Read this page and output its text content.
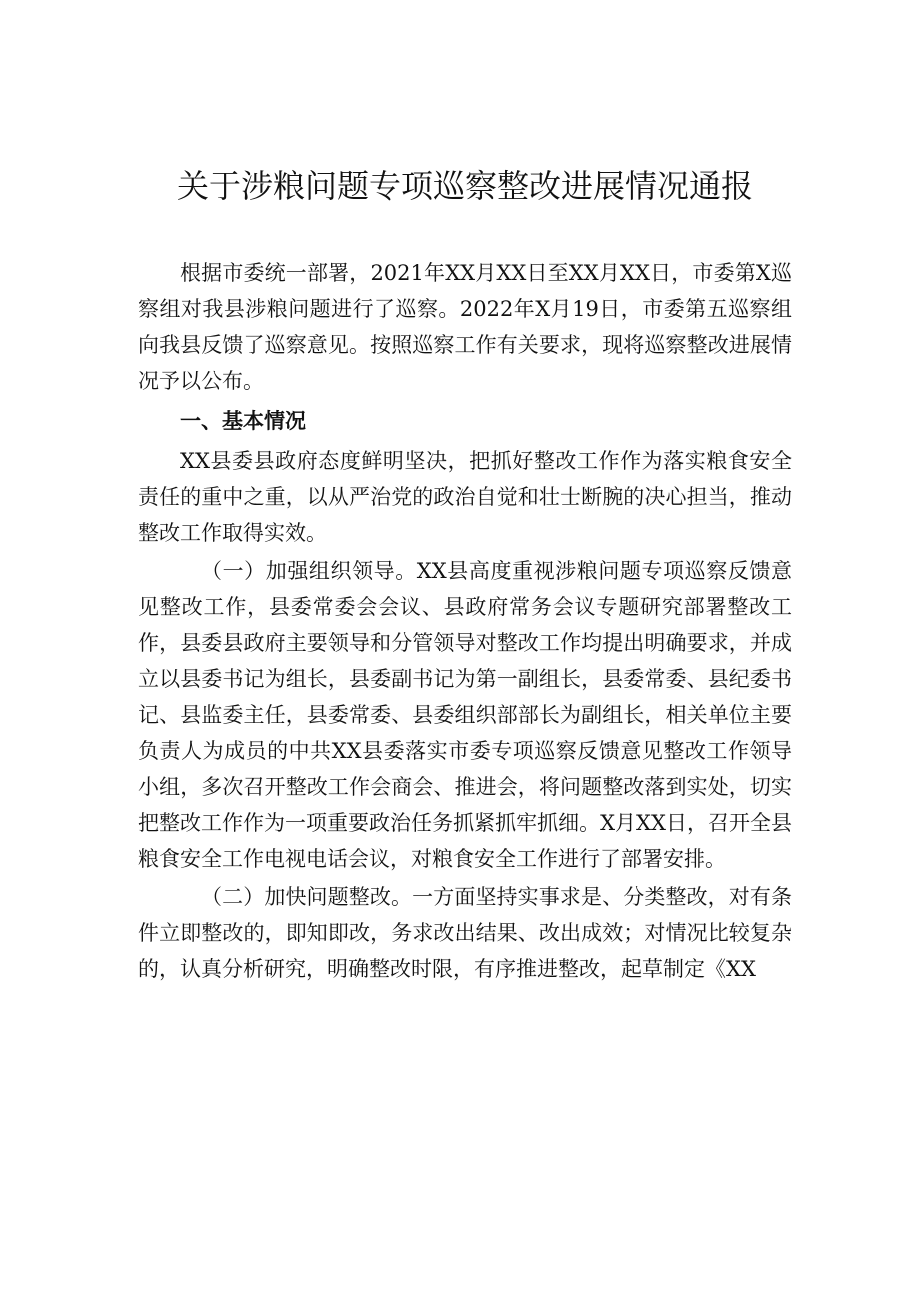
关于涉粮问题专项巡察整改进展情况通报

根据市委统一部署，2021年XX月XX日至XX月XX日，市委第X巡察组对我县涉粮问题进行了巡察。2022年X月19日，市委第五巡察组向我县反馈了巡察意见。按照巡察工作有关要求，现将巡察整改进展情况予以公布。

一、基本情况

XX县委县政府态度鲜明坚决，把抓好整改工作作为落实粮食安全责任的重中之重，以从严治党的政治自觉和壮士断腕的决心担当，推动整改工作取得实效。

（一）加强组织领导。XX县高度重视涉粮问题专项巡察反馈意见整改工作，县委常委会会议、县政府常务会议专题研究部署整改工作，县委县政府主要领导和分管领导对整改工作均提出明确要求，并成立以县委书记为组长，县委副书记为第一副组长，县委常委、县纪委书记、县监委主任，县委常委、县委组织部部长为副组长，相关单位主要负责人为成员的中共XX县委落实市委专项巡察反馈意见整改工作领导小组，多次召开整改工作会商会、推进会，将问题整改落到实处，切实把整改工作作为一项重要政治任务抓紧抓牢抓细。X月XX日，召开全县粮食安全工作电视电话会议，对粮食安全工作进行了部署安排。

（二）加快问题整改。一方面坚持实事求是、分类整改，对有条件立即整改的，即知即改，务求改出结果、改出成效；对情况比较复杂的，认真分析研究，明确整改时限，有序推进整改，起草制定《XX
